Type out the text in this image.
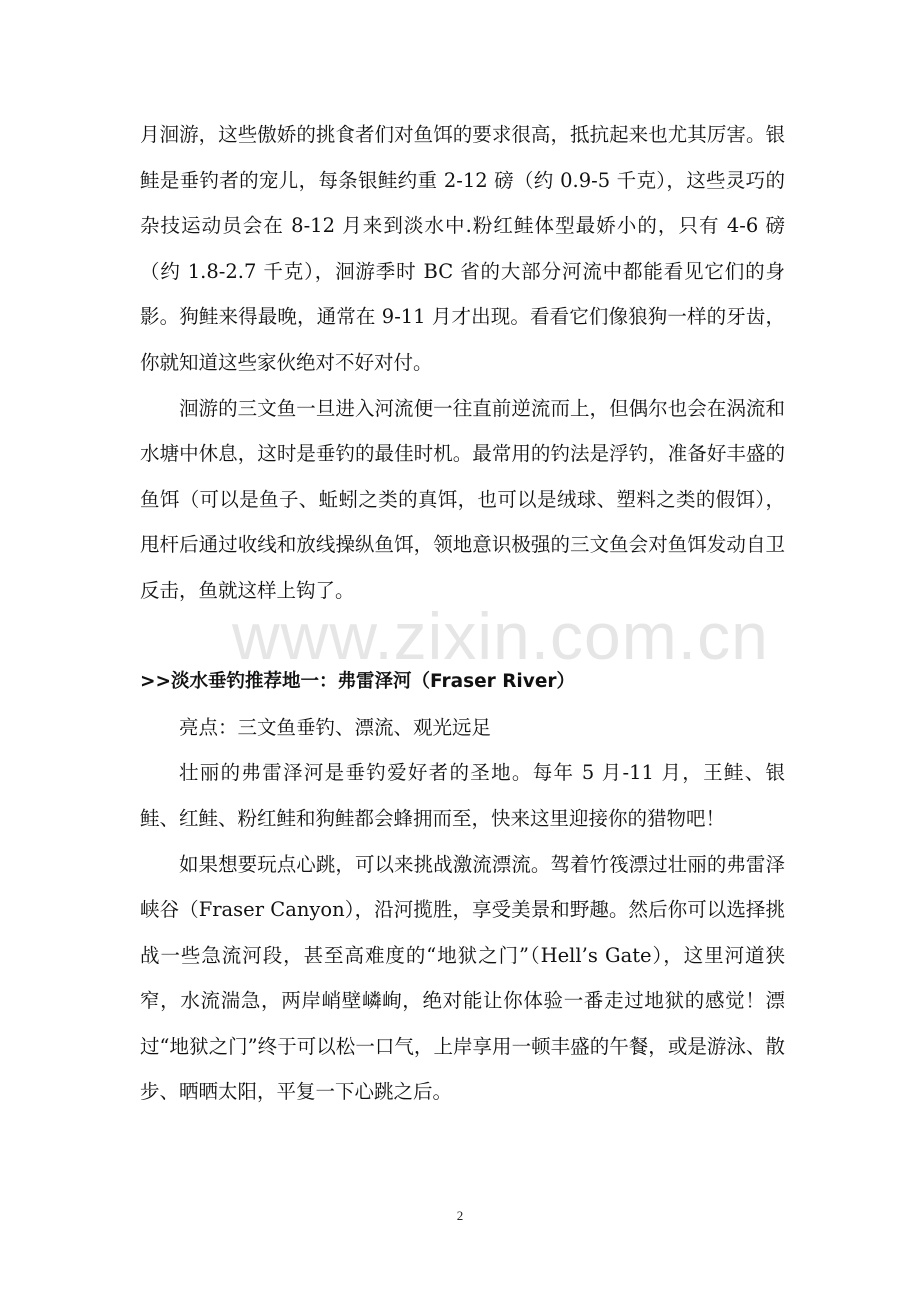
月洄游，这些傲娇的挑食者们对鱼饵的要求很高，抵抗起来也尤其厉害。银鲑是垂钓者的宠儿，每条银鲑约重 2-12 磅（约 0.9-5 千克），这些灵巧的杂技运动员会在 8-12 月来到淡水中.粉红鲑体型最娇小的，只有 4-6 磅（约 1.8-2.7 千克），洄游季时 BC 省的大部分河流中都能看见它们的身影。狗鲑来得最晚，通常在 9-11 月才出现。看看它们像狼狗一样的牙齿，你就知道这些家伙绝对不好对付。

洄游的三文鱼一旦进入河流便一往直前逆流而上，但偶尔也会在涡流和水塘中休息，这时是垂钓的最佳时机。最常用的钓法是浮钓，准备好丰盛的鱼饵（可以是鱼子、蚯蚓之类的真饵，也可以是绒球、塑料之类的假饵），甩杆后通过收线和放线操纵鱼饵，领地意识极强的三文鱼会对鱼饵发动自卫反击，鱼就这样上钩了。

>>淡水垂钓推荐地一：弗雷泽河（Fraser River）

亮点：三文鱼垂钓、漂流、观光远足

壮丽的弗雷泽河是垂钓爱好者的圣地。每年 5 月-11 月，王鲑、银鲑、红鲑、粉红鲑和狗鲑都会蜂拥而至，快来这里迎接你的猎物吧！

如果想要玩点心跳，可以来挑战激流漂流。驾着竹筏漂过壮丽的弗雷泽峡谷（Fraser Canyon），沿河揽胜，享受美景和野趣。然后你可以选择挑战一些急流河段，甚至高难度的“地狱之门”（Hell’s Gate），这里河道狭窄，水流湍急，两岸峭壁嶙峋，绝对能让你体验一番走过地狱的感觉！漂过“地狱之门”终于可以松一口气，上岸享用一顿丰盛的午餐，或是游泳、散步、晒晒太阳，平复一下心跳之后。

www.zixin.com.cn
2
